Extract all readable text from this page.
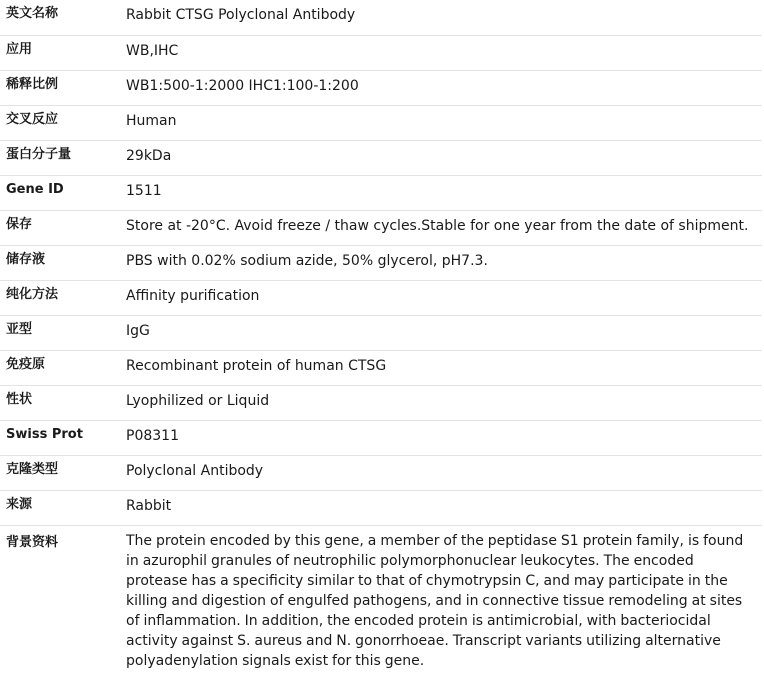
英文名称	Rabbit CTSG Polyclonal Antibody
应用	WB,IHC
稀释比例	WB1:500-1:2000 IHC1:100-1:200
交叉反应	Human
蛋白分子量	29kDa
Gene ID	1511
保存	Store at -20°C. Avoid freeze / thaw cycles.Stable for one year from the date of shipment.
储存液	PBS with 0.02% sodium azide, 50% glycerol, pH7.3.
纯化方法	Affinity purification
亚型	IgG
免疫原	Recombinant protein of human CTSG
性状	Lyophilized or Liquid
Swiss Prot	P08311
克隆类型	Polyclonal Antibody
来源	Rabbit
背景资料	The protein encoded by this gene, a member of the peptidase S1 protein family, is found in azurophil granules of neutrophilic polymorphonuclear leukocytes. The encoded protease has a specificity similar to that of chymotrypsin C, and may participate in the killing and digestion of engulfed pathogens, and in connective tissue remodeling at sites of inflammation. In addition, the encoded protein is antimicrobial, with bacteriocidal activity against S. aureus and N. gonorrhoeae. Transcript variants utilizing alternative polyadenylation signals exist for this gene.
